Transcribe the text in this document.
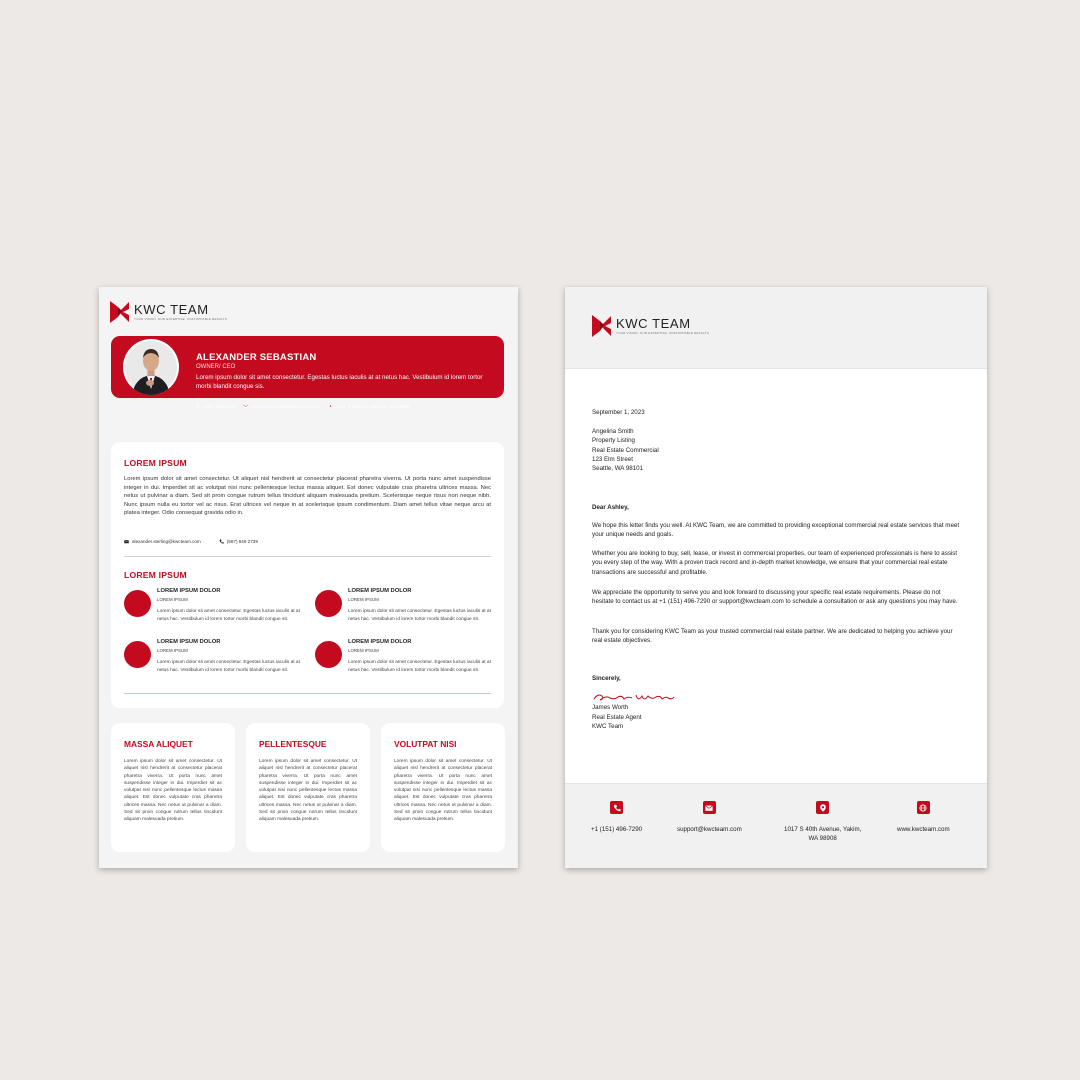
KWC TEAM
YOUR VISION, OUR EXPERTISE, UNSTOPPABLE RESULTS
ALEXANDER SEBASTIAN
OWNER/ CEO
Lorem ipsum dolor sit amet consectetur. Egestas luctus iaculis at at netus hac. Vestibulum id lorem tortor morbi blandit congue sis.
(567) 849 2739	alexander.sterling@kwcteam.com	1017 S 40th Ave Yakima, WA 98908
LOREM IPSUM
Lorem ipsum dolor sit amet consectetur. Ut aliquet nisl hendrerit at consectetur placerat pharetra viverra. Ut porta nunc amet suspendisse integer in dui. Imperdiet sit ac volutpat nisi nunc pellentesque lectus massa aliquet. Est donec vulputate cras pharetra ultrices massa. Nec netus ut pulvinar a diam. Sed sit proin congue rutrum tellus tincidunt aliquam malesuada pretium. Scelerisque neque risus non neque nibh. Nunc ipsum nulla eu tortor vel ac risus. Erat ultrices vel neque in at scelerisque ipsum condimentum. Diam amet tellus vitae neque arcu at platea integer. Odio consequat gravida odio in.
alexander.sterling@kwcteam.com	(567) 849 2739
LOREM IPSUM
LOREM IPSUM DOLOR
LOREM IPSUM
Lorem ipsum dolor sit amet consectetur. Egestas luctus iaculis at at netus hac. Vestibulum id lorem tortor morbi blandit congue sit.
LOREM IPSUM DOLOR
LOREM IPSUM
Lorem ipsum dolor sit amet consectetur. Egestas luctus iaculis at at netus hac. Vestibulum id lorem tortor morbi blandit congue sit.
LOREM IPSUM DOLOR
LOREM IPSUM
Lorem ipsum dolor sit amet consectetur. Egestas luctus iaculis at at netus hac. Vestibulum id lorem tortor morbi blandit congue sit.
LOREM IPSUM DOLOR
LOREM IPSUM
Lorem ipsum dolor sit amet consectetur. Egestas luctus iaculis at at netus hac. Vestibulum id lorem tortor morbi blandit congue sit.
MASSA ALIQUET
Lorem ipsum dolor sit amet consectetur. Ut aliquet nisl hendrerit at consectetur placerat pharetra viverra. Ut porta nunc amet suspendisse integer in dui. Imperdiet sit ac volutpat nisi nunc pellentesque lectus massa aliquet. Est donec vulputate cras pharetra ultrices massa. Nec netus ut pulvinar a diam. Sed sit proin congue rutrum tellus tincidunt aliquam malesuada pretium.
PELLENTESQUE
Lorem ipsum dolor sit amet consectetur. Ut aliquet nisl hendrerit at consectetur placerat pharetra viverra. Ut porta nunc amet suspendisse integer in dui. Imperdiet sit ac volutpat nisi nunc pellentesque lectus massa aliquet. Est donec vulputate cras pharetra ultrices massa. Nec netus ut pulvinar a diam. Sed sit proin congue rutrum tellus tincidunt aliquam malesuada pretium.
VOLUTPAT NISI
Lorem ipsum dolor sit amet consectetur. Ut aliquet nisl hendrerit at consectetur placerat pharetra viverra. Ut porta nunc amet suspendisse integer in dui. Imperdiet sit ac volutpat nisi nunc pellentesque lectus massa aliquet. Est donec vulputate cras pharetra ultrices massa. Nec netus ut pulvinar a diam. Sed sit proin congue rutrum tellus tincidunt aliquam malesuada pretium.
KWC TEAM
YOUR VISION, OUR EXPERTISE, UNSTOPPABLE RESULTS
September 1, 2023
Angelina Smith
Property Listing
Real Estate Commercial
123 Elm Street
Seattle, WA 98101
Dear Ashley,
We hope this letter finds you well. At KWC Team, we are committed to providing exceptional commercial real estate services that meet your unique needs and goals.
Whether you are looking to buy, sell, lease, or invest in commercial properties, our team of experienced professionals is here to assist you every step of the way. With a proven track record and in-depth market knowledge, we ensure that your commercial real estate transactions are successful and profitable.
We appreciate the opportunity to serve you and look forward to discussing your specific real estate requirements. Please do not hesitate to contact us at +1 (151) 496-7290 or support@kwcteam.com to schedule a consultation or ask any questions you may have.
Thank you for considering KWC Team as your trusted commercial real estate partner. We are dedicated to helping you achieve your real estate objectives.
Sincerely,
James Worth
Real Estate Agent
KWC Team
+1 (151) 496-7290	support@kwcteam.com	1017 S 40th Avenue, Yakim,
WA 98908
www.kwcteam.com
